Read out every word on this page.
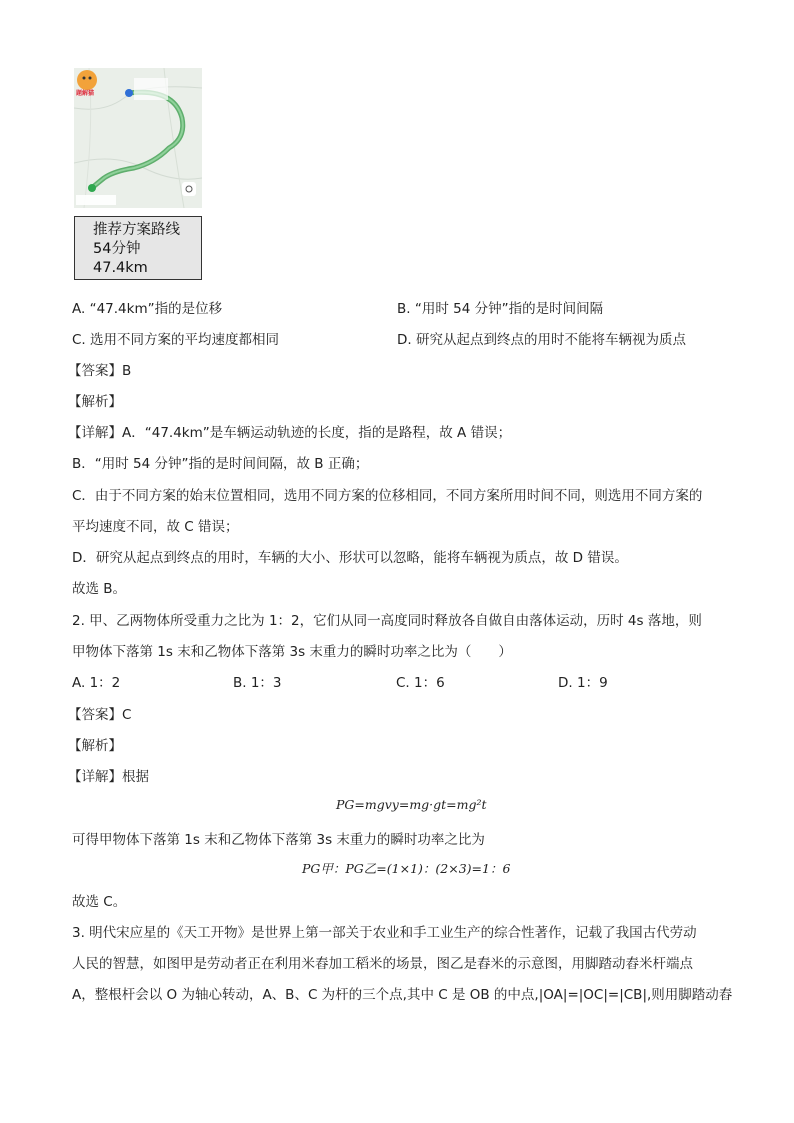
题解猫
推荐方案路线
54分钟
47.4km
A. “47.4km”指的是位移	B. “用时 54 分钟”指的是时间间隔
C. 选用不同方案的平均速度都相同	D. 研究从起点到终点的用时不能将车辆视为质点
【答案】B
【解析】
【详解】A．“47.4km”是车辆运动轨迹的长度，指的是路程，故 A 错误；
B．“用时 54 分钟”指的是时间间隔，故 B 正确；
C．由于不同方案的始末位置相同，选用不同方案的位移相同，不同方案所用时间不同，则选用不同方案的
平均速度不同，故 C 错误；
D．研究从起点到终点的用时，车辆的大小、形状可以忽略，能将车辆视为质点，故 D 错误。
故选 B。
2. 甲、乙两物体所受重力之比为 1：2，它们从同一高度同时释放各自做自由落体运动，历时 4s 落地，则
甲物体下落第 1s 末和乙物体下落第 3s 末重力的瞬时功率之比为（　　）
A. 1：2	B. 1：3	C. 1：6	D. 1：9
【答案】C
【解析】
【详解】根据
PG=mgvy=mg·gt=mg²t
可得甲物体下落第 1s 末和乙物体下落第 3s 末重力的瞬时功率之比为
PG甲：PG乙=(1×1)：(2×3)=1：6
故选 C。
3. 明代宋应星的《天工开物》是世界上第一部关于农业和手工业生产的综合性著作，记载了我国古代劳动
人民的智慧，如图甲是劳动者正在利用米舂加工稻米的场景，图乙是舂米的示意图，用脚踏动舂米杆端点
A，整根杆会以 O 为轴心转动，A、B、C 为杆的三个点,其中 C 是 OB 的中点,|OA|=|OC|=|CB|,则用脚踏动舂
